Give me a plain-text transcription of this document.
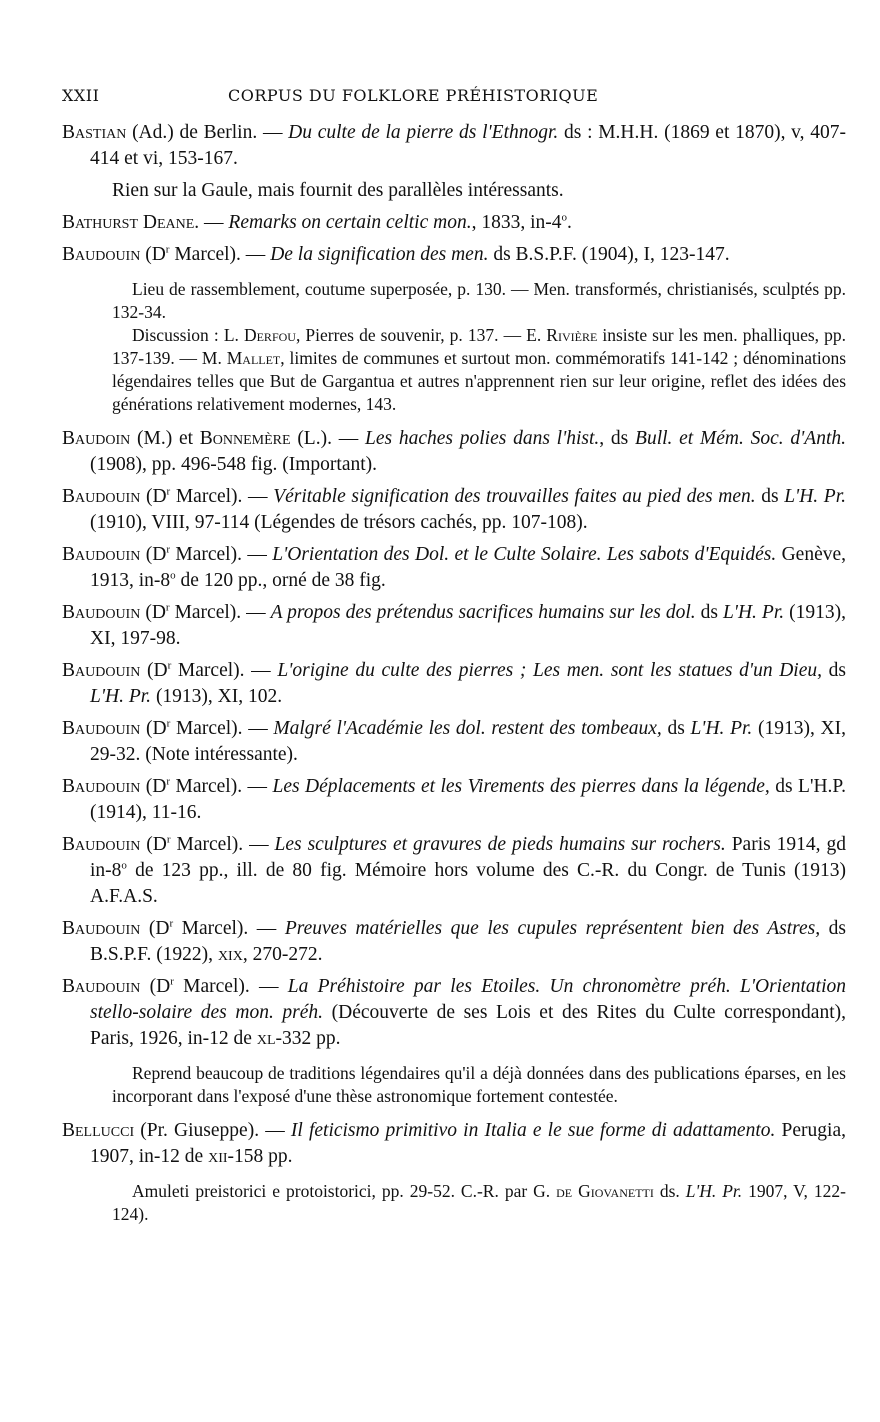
XXII	CORPUS DU FOLKLORE PRÉHISTORIQUE
Bastian (Ad.) de Berlin. — Du culte de la pierre ds l'Ethnogr. ds : M.H.H. (1869 et 1870), v, 407-414 et vi, 153-167.
Rien sur la Gaule, mais fournit des parallèles intéressants.
Bathurst Deane. — Remarks on certain celtic mon., 1833, in-4$^o$.
Baudouin ($D^r$ Marcel). — De la signification des men. ds B.S.P.F. (1904), I, 123-147.

Lieu de rassemblement, coutume superposée, p. 130. — Men. transformés, christianisés, sculptés pp. 132-34.

Discussion : L. Derfou, Pierres de souvenir, p. 137. — E. Rivière insiste sur les men. phalliques, pp. 137-139. — M. Mallet, limites de communes et surtout mon. commémoratifs 141-142 ; dénominations légendaires telles que But de Gargantua et autres n'apprennent rien sur leur origine, reflet des idées des générations relativement modernes, 143.

Baudoin (M.) et Bonnemère (L.). — Les haches polies dans l'hist., ds Bull. et Mém. Soc. d'Anth. (1908), pp. 496-548 fig. (Important).
Baudouin ($D^r$ Marcel). — Véritable signification des trouvailles faites au pied des men. ds L'H. Pr. (1910), VIII, 97-114 (Légendes de trésors cachés, pp. 107-108).
Baudouin ($D^r$ Marcel). — L'Orientation des Dol. et le Culte Solaire. Les sabots d'Equidés. Genève, 1913, in-8$^o$ de 120 pp., orné de 38 fig.
Baudouin ($D^r$ Marcel). — A propos des prétendus sacrifices humains sur les dol. ds L'H. Pr. (1913), XI, 197-98.
Baudouin ($D^r$ Marcel). — L'origine du culte des pierres ; Les men. sont les statues d'un Dieu, ds L'H. Pr. (1913), XI, 102.
Baudouin ($D^r$ Marcel). — Malgré l'Académie les dol. restent des tombeaux, ds L'H. Pr. (1913), XI, 29-32. (Note intéressante).
Baudouin ($D^r$ Marcel). — Les Déplacements et les Virements des pierres dans la légende, ds L'H.P. (1914), 11-16.
Baudouin ($D^r$ Marcel). — Les sculptures et gravures de pieds humains sur rochers. Paris 1914, gd in-8$^o$ de 123 pp., ill. de 80 fig. Mémoire hors volume des C.-R. du Congr. de Tunis (1913) A.F.A.S.
Baudouin ($D^r$ Marcel). — Preuves matérielles que les cupules représentent bien des Astres, ds B.S.P.F. (1922), xix, 270-272.
Baudouin ($D^r$ Marcel). — La Préhistoire par les Etoiles. Un chronomètre préh. L'Orientation stello-solaire des mon. préh. (Découverte de ses Lois et des Rites du Culte correspondant), Paris, 1926, in-12 de xl-332 pp.

Reprend beaucoup de traditions légendaires qu'il a déjà données dans des publications éparses, en les incorporant dans l'exposé d'une thèse astronomique fortement contestée.

Bellucci (Pr. Giuseppe). — Il feticismo primitivo in Italia e le sue forme di adattamento. Perugia, 1907, in-12 de xii-158 pp.

Amuleti preistorici e protoistorici, pp. 29-52. C.-R. par G. de Giovanetti ds. L'H. Pr. 1907, V, 122-124).
